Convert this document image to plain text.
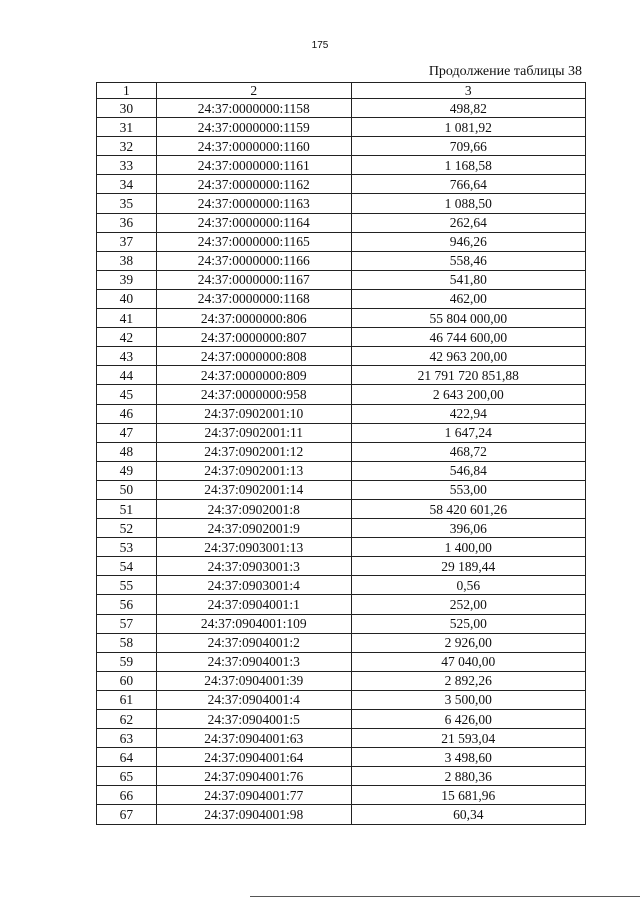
175
Продолжение таблицы 38
1	2	3
30	24:37:0000000:1158	498,82
31	24:37:0000000:1159	1 081,92
32	24:37:0000000:1160	709,66
33	24:37:0000000:1161	1 168,58
34	24:37:0000000:1162	766,64
35	24:37:0000000:1163	1 088,50
36	24:37:0000000:1164	262,64
37	24:37:0000000:1165	946,26
38	24:37:0000000:1166	558,46
39	24:37:0000000:1167	541,80
40	24:37:0000000:1168	462,00
41	24:37:0000000:806	55 804 000,00
42	24:37:0000000:807	46 744 600,00
43	24:37:0000000:808	42 963 200,00
44	24:37:0000000:809	21 791 720 851,88
45	24:37:0000000:958	2 643 200,00
46	24:37:0902001:10	422,94
47	24:37:0902001:11	1 647,24
48	24:37:0902001:12	468,72
49	24:37:0902001:13	546,84
50	24:37:0902001:14	553,00
51	24:37:0902001:8	58 420 601,26
52	24:37:0902001:9	396,06
53	24:37:0903001:13	1 400,00
54	24:37:0903001:3	29 189,44
55	24:37:0903001:4	0,56
56	24:37:0904001:1	252,00
57	24:37:0904001:109	525,00
58	24:37:0904001:2	2 926,00
59	24:37:0904001:3	47 040,00
60	24:37:0904001:39	2 892,26
61	24:37:0904001:4	3 500,00
62	24:37:0904001:5	6 426,00
63	24:37:0904001:63	21 593,04
64	24:37:0904001:64	3 498,60
65	24:37:0904001:76	2 880,36
66	24:37:0904001:77	15 681,96
67	24:37:0904001:98	60,34
